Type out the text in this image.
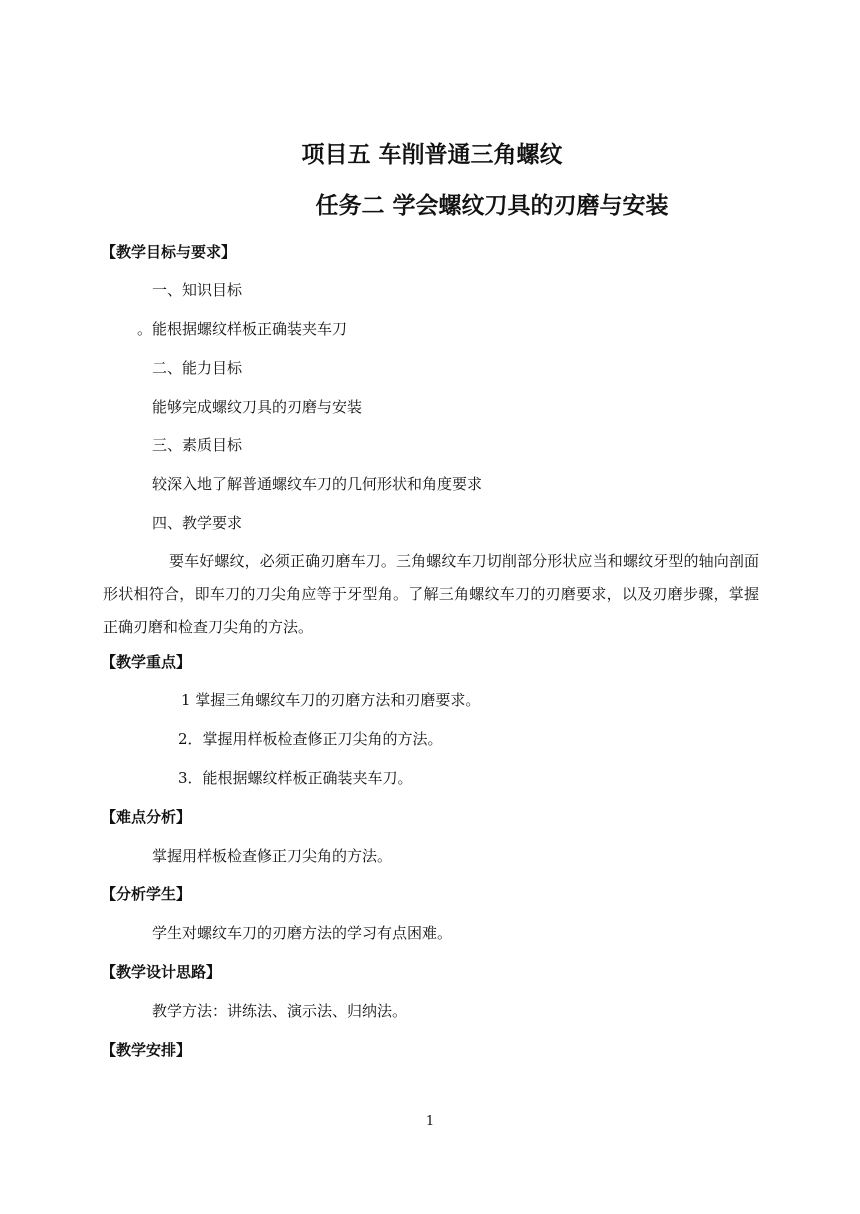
项目五 车削普通三角螺纹
任务二 学会螺纹刀具的刃磨与安装
【教学目标与要求】
一、知识目标
。能根据螺纹样板正确装夹车刀
二、能力目标
能够完成螺纹刀具的刃磨与安装
三、素质目标
较深入地了解普通螺纹车刀的几何形状和角度要求
四、教学要求
要车好螺纹，必须正确刃磨车刀。三角螺纹车刀切削部分形状应当和螺纹牙型的轴向剖面形状相符合，即车刀的刀尖角应等于牙型角。了解三角螺纹车刀的刃磨要求，以及刃磨步骤，掌握正确刃磨和检查刀尖角的方法。
【教学重点】
1 掌握三角螺纹车刀的刃磨方法和刃磨要求。
2．掌握用样板检查修正刀尖角的方法。
3．能根据螺纹样板正确装夹车刀。
【难点分析】
掌握用样板检查修正刀尖角的方法。
【分析学生】
学生对螺纹车刀的刃磨方法的学习有点困难。
【教学设计思路】
教学方法：讲练法、演示法、归纳法。
【教学安排】
1
